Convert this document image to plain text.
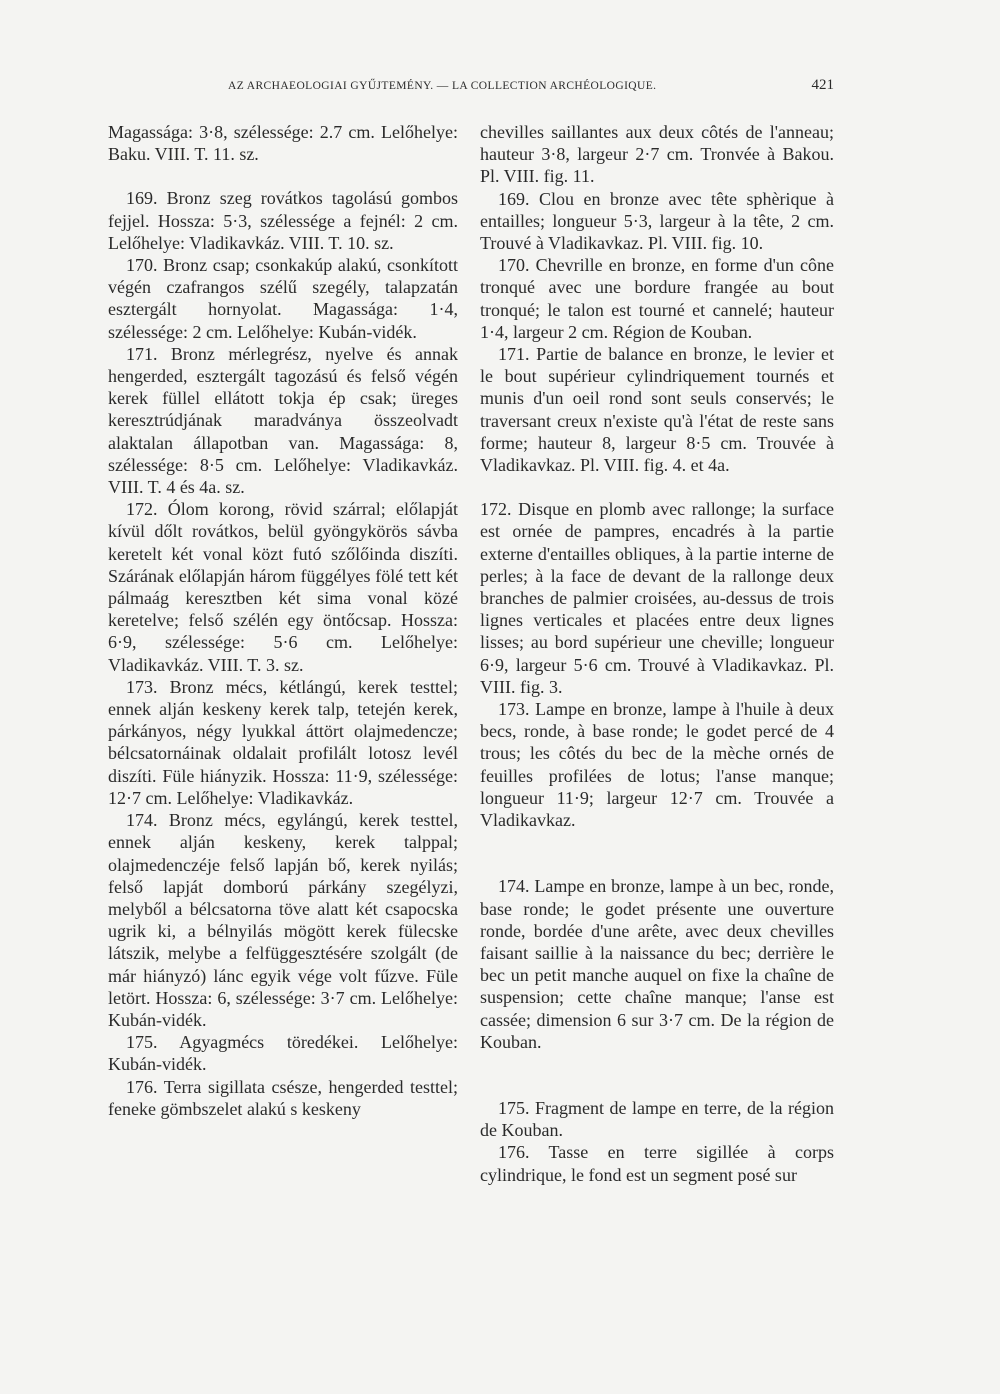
AZ ARCHAEOLOGIAI GYŰJTEMÉNY. — LA COLLECTION ARCHÉOLOGIQUE.	421

Magassága: 3·8, szélessége: 2.7 cm. Lelőhelye: Baku. VIII. T. 11. sz.

169. Bronz szeg rovátkos tagolású gombos fejjel. Hossza: 5·3, szélessége a fejnél: 2 cm. Lelőhelye: Vladikavkáz. VIII. T. 10. sz.

170. Bronz csap; csonkakúp alakú, csonkított végén czafrangos szélű szegély, talapzatán esztergált hornyolat. Magassága: 1·4, szélessége: 2 cm. Lelőhelye: Kubán-vidék.

171. Bronz mérlegrész, nyelve és annak hengerded, esztergált tagozású és felső végén kerek füllel ellátott tokja ép csak; üreges keresztrúdjának maradványa összeolvadt alaktalan állapotban van. Magassága: 8, szélessége: 8·5 cm. Lelőhelye: Vladikavkáz. VIII. T. 4 és 4a. sz.

172. Ólom korong, rövid szárral; előlapját kívül dőlt rovátkos, belül gyöngykörös sávba keretelt két vonal közt futó szőlőinda diszíti. Szárának előlapján három függélyes fölé tett két pálmaág keresztben két sima vonal közé keretelve; felső szélén egy öntőcsap. Hossza: 6·9, szélessége: 5·6 cm. Lelőhelye: Vladikavkáz. VIII. T. 3. sz.

173. Bronz mécs, kétlángú, kerek testtel; ennek alján keskeny kerek talp, tetején kerek, párkányos, négy lyukkal áttört olajmedencze; bélcsatornáinak oldalait profilált lotosz levél diszíti. Füle hiányzik. Hossza: 11·9, szélessége: 12·7 cm. Lelőhelye: Vladikavkáz.

174. Bronz mécs, egylángú, kerek testtel, ennek alján keskeny, kerek talppal; olajmedenczéje felső lapján bő, kerek nyilás; felső lapját domború párkány szegélyzi, melyből a bélcsatorna töve alatt két csapocska ugrik ki, a bélnyilás mögött kerek fülecske látszik, melybe a felfüggesztésére szolgált (de már hiányzó) lánc egyik vége volt fűzve. Füle letört. Hossza: 6, szélessége: 3·7 cm. Lelőhelye: Kubán-vidék.

175. Agyagmécs töredékei. Lelőhelye: Kubán-vidék.

176. Terra sigillata csésze, hengerded testtel; feneke gömbszelet alakú s keskeny

chevilles saillantes aux deux côtés de l'anneau; hauteur 3·8, largeur 2·7 cm. Tronvée à Bakou. Pl. VIII. fig. 11.

169. Clou en bronze avec tête sphèrique à entailles; longueur 5·3, largeur à la tête, 2 cm. Trouvé à Vladikavkaz. Pl. VIII. fig. 10.

170. Chevrille en bronze, en forme d'un cône tronqué avec une bordure frangée au bout tronqué; le talon est tourné et cannelé; hauteur 1·4, largeur 2 cm. Région de Kouban.

171. Partie de balance en bronze, le levier et le bout supérieur cylindriquement tournés et munis d'un oeil rond sont seuls conservés; le traversant creux n'existe qu'à l'état de reste sans forme; hauteur 8, largeur 8·5 cm. Trouvée à Vladikavkaz. Pl. VIII. fig. 4. et 4a.

172. Disque en plomb avec rallonge; la surface est ornée de pampres, encadrés à la partie externe d'entailles obliques, à la partie interne de perles; à la face de devant de la rallonge deux branches de palmier croisées, au-dessus de trois lignes verticales et placées entre deux lignes lisses; au bord supérieur une cheville; longueur 6·9, largeur 5·6 cm. Trouvé à Vladikavkaz. Pl. VIII. fig. 3.

173. Lampe en bronze, lampe à l'huile à deux becs, ronde, à base ronde; le godet percé de 4 trous; les côtés du bec de la mèche ornés de feuilles profilées de lotus; l'anse manque; longueur 11·9; largeur 12·7 cm. Trouvée a Vladikavkaz.

174. Lampe en bronze, lampe à un bec, ronde, base ronde; le godet présente une ouverture ronde, bordée d'une arête, avec deux chevilles faisant saillie à la naissance du bec; derrière le bec un petit manche auquel on fixe la chaîne de suspension; cette chaîne manque; l'anse est cassée; dimension 6 sur 3·7 cm. De la région de Kouban.

175. Fragment de lampe en terre, de la région de Kouban.

176. Tasse en terre sigillée à corps cylindrique, le fond est un segment posé sur
